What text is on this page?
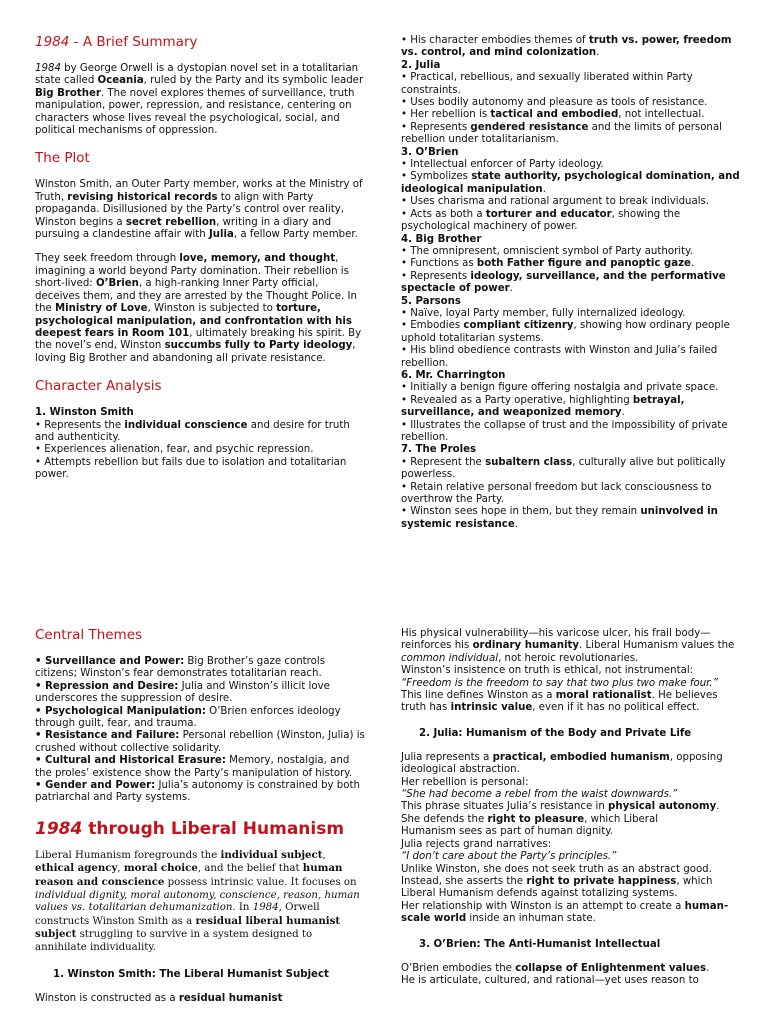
1984 - A Brief Summary

1984 by George Orwell is a dystopian novel set in a totalitarian state called Oceania, ruled by the Party and its symbolic leader Big Brother. The novel explores themes of surveillance, truth manipulation, power, repression, and resistance, centering on characters whose lives reveal the psychological, social, and political mechanisms of oppression.

The Plot

Winston Smith, an Outer Party member, works at the Ministry of Truth, revising historical records to align with Party propaganda. Disillusioned by the Party’s control over reality, Winston begins a secret rebellion, writing in a diary and pursuing a clandestine affair with Julia, a fellow Party member.

They seek freedom through love, memory, and thought, imagining a world beyond Party domination. Their rebellion is short-lived: O’Brien, a high-ranking Inner Party official, deceives them, and they are arrested by the Thought Police. In the Ministry of Love, Winston is subjected to torture, psychological manipulation, and confrontation with his
deepest fears in Room 101, ultimately breaking his spirit. By the novel’s end, Winston succumbs fully to Party ideology, loving Big Brother and abandoning all private resistance.

Character Analysis

1. Winston Smith

• Represents the individual conscience and desire for truth and authenticity.

• Experiences alienation, fear, and psychic repression.

• Attempts rebellion but fails due to isolation and totalitarian power.

• His character embodies themes of truth vs. power, freedom vs. control, and mind colonization.

2. Julia

• Practical, rebellious, and sexually liberated within Party constraints.

• Uses bodily autonomy and pleasure as tools of resistance.

• Her rebellion is tactical and embodied, not intellectual.

• Represents gendered resistance and the limits of personal rebellion under totalitarianism.

3. O’Brien

• Intellectual enforcer of Party ideology.

• Symbolizes state authority, psychological domination, and ideological manipulation.

• Uses charisma and rational argument to break individuals.

• Acts as both a torturer and educator, showing the psychological machinery of power.

4. Big Brother

• The omnipresent, omniscient symbol of Party authority.

• Functions as both Father figure and panoptic gaze.

• Represents ideology, surveillance, and the performative spectacle of power.

5. Parsons

• Naïve, loyal Party member, fully internalized ideology.

• Embodies compliant citizenry, showing how ordinary people uphold totalitarian systems.

• His blind obedience contrasts with Winston and Julia’s failed rebellion.

6. Mr. Charrington

• Initially a benign figure offering nostalgia and private space.

• Revealed as a Party operative, highlighting betrayal, surveillance, and weaponized memory.

• Illustrates the collapse of trust and the impossibility of private rebellion.

7. The Proles

• Represent the subaltern class, culturally alive but politically powerless.

• Retain relative personal freedom but lack consciousness to overthrow the Party.

• Winston sees hope in them, but they remain uninvolved in systemic resistance.

Central Themes

• Surveillance and Power: Big Brother’s gaze controls citizens; Winston’s fear demonstrates totalitarian reach.

• Repression and Desire: Julia and Winston’s illicit love underscores the suppression of desire.

• Psychological Manipulation: O’Brien enforces ideology through guilt, fear, and trauma.

• Resistance and Failure: Personal rebellion (Winston, Julia) is crushed without collective solidarity.

• Cultural and Historical Erasure: Memory, nostalgia, and the proles’ existence show the Party’s manipulation of history.

• Gender and Power: Julia’s autonomy is constrained by both patriarchal and Party systems.

1984 through Liberal Humanism

Liberal Humanism foregrounds the individual subject, ethical agency, moral choice, and the belief that human reason and conscience possess intrinsic value. It focuses on individual dignity, moral autonomy, conscience, reason, human values vs. totalitarian dehumanization. In 1984, Orwell constructs Winston Smith as a residual liberal humanist subject struggling to survive in a system designed to annihilate individuality.

1. Winston Smith: The Liberal Humanist Subject

Winston is constructed as a residual humanist

His physical vulnerability—his varicose ulcer, his frail body—reinforces his ordinary humanity. Liberal Humanism values the common individual, not heroic revolutionaries.

Winston’s insistence on truth is ethical, not instrumental:

“Freedom is the freedom to say that two plus two make four.”

This line defines Winston as a moral rationalist. He believes truth has intrinsic value, even if it has no political effect.

2. Julia: Humanism of the Body and Private Life

Julia represents a practical, embodied humanism, opposing ideological abstraction.

Her rebellion is personal:

“She had become a rebel from the waist downwards.”

This phrase situates Julia’s resistance in physical autonomy. She defends the right to pleasure, which Liberal

Humanism sees as part of human dignity.

Julia rejects grand narratives:

“I don’t care about the Party’s principles.”

Unlike Winston, she does not seek truth as an abstract good. Instead, she asserts the right to private happiness, which Liberal Humanism defends against totalizing systems.

Her relationship with Winston is an attempt to create a human-scale world inside an inhuman state.

3. O’Brien: The Anti-Humanist Intellectual

O’Brien embodies the collapse of Enlightenment values.

He is articulate, cultured, and rational—yet uses reason to
